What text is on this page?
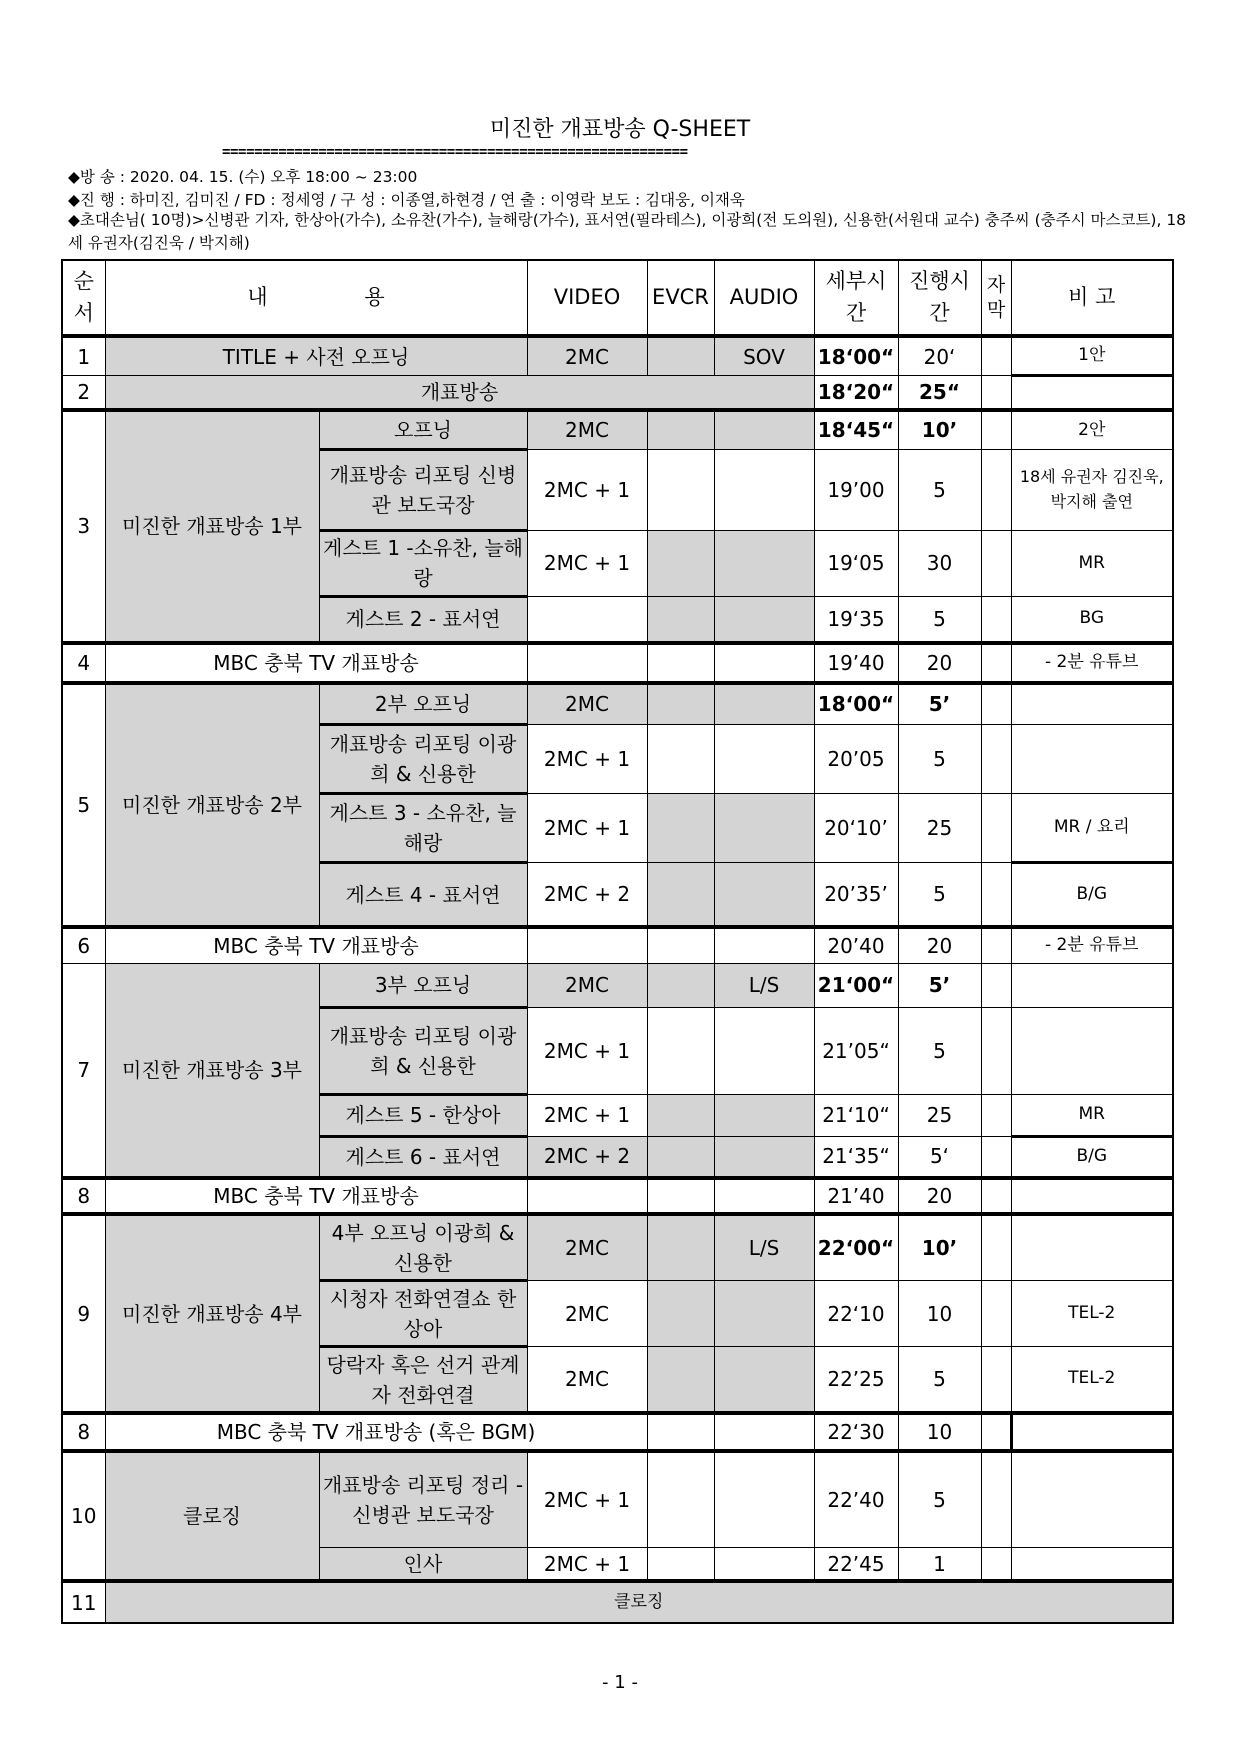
미진한 개표방송 Q-SHEET
==========================================================
◆방 송 : 2020. 04. 15. (수) 오후 18:00 ~ 23:00
◆진 행 : 하미진, 김미진 / FD : 정세영 / 구 성 : 이종열,하현경 / 연 출 : 이영락 보도 : 김대웅, 이재욱
◆초대손님( 10명)>신병관 기자, 한상아(가수), 소유찬(가수), 늘해랑(가수), 표서연(필라테스), 이광희(전 도의원), 신용한(서원대 교수) 충주씨 (충주시 마스코트), 18세 유권자(김진욱 / 박지해)
순서	내 용		VIDEO	EVCR	AUDIO	세부시간	진행시간	자막	비 고
1	TITLE + 사전 오프닝		2MC		SOV	18‘00“	20‘		1안
2	개표방송					18‘20“	25“		
3	미진한 개표방송 1부	오프닝	2MC			18‘45“	10’		2안
		개표방송 리포팅 신병관 보도국장	2MC + 1			19’00	5		18세 유권자 김진욱,박지해 출연
		게스트 1 -소유찬, 늘해랑	2MC + 1			19‘05	30		MR
		게스트 2 - 표서연				19‘35	5		BG
4	MBC 충북 TV 개표방송					19’40	20		- 2분 유튜브
5	미진한 개표방송 2부	2부 오프닝	2MC			18‘00“	5’		
		개표방송 리포팅 이광희 & 신용한	2MC + 1			20’05	5		
		게스트 3 - 소유찬, 늘해랑	2MC + 1			20‘10’	25		MR / 요리
		게스트 4 - 표서연	2MC + 2			20’35’	5		B/G
6	MBC 충북 TV 개표방송					20’40	20		- 2분 유튜브
7	미진한 개표방송 3부	3부 오프닝	2MC		L/S	21‘00“	5’		
		개표방송 리포팅 이광희 & 신용한	2MC + 1			21’05“	5		
		게스트 5 - 한상아	2MC + 1			21‘10“	25		MR
		게스트 6 - 표서연	2MC + 2			21‘35“	5‘		B/G
8	MBC 충북 TV 개표방송					21’40	20		
9	미진한 개표방송 4부	4부 오프닝 이광희 & 신용한	2MC		L/S	22‘00“	10’		
		시청자 전화연결쇼 한상아	2MC			22‘10	10		TEL-2
		당락자 혹은 선거 관계자 전화연결	2MC			22’25	5		TEL-2
8	MBC 충북 TV 개표방송 (혹은 BGM)					22‘30	10		
10	클로징	개표방송 리포팅 정리 -신병관 보도국장	2MC + 1			22’40	5		
		인사	2MC + 1			22’45	1		
11	클로징								
- 1 -
